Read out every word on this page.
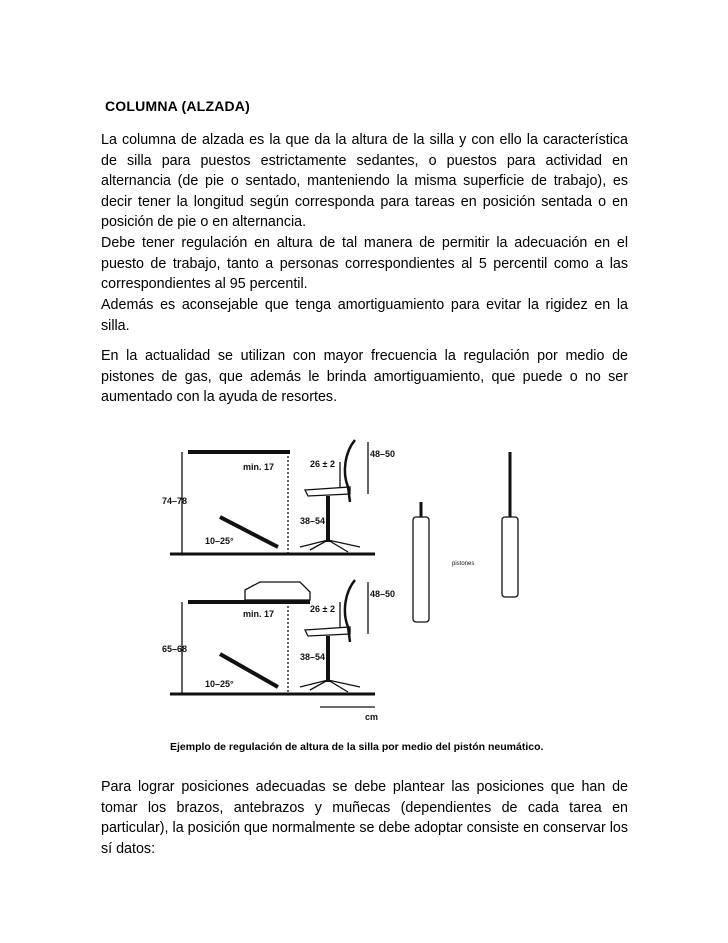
COLUMNA (ALZADA)

La columna de alzada es la que da la altura de la silla y con ello la característica de silla para puestos estrictamente sedantes, o puestos para actividad en alternancia (de pie o sentado, manteniendo la misma superficie de trabajo), es decir tener la longitud según corresponda para tareas en posición sentada o en posición de pie o en alternancia.

Debe tener regulación en altura de tal manera de permitir la adecuación en el puesto de trabajo, tanto a personas correspondientes al 5 percentil como a las correspondientes al 95 percentil.

Además es aconsejable que tenga amortiguamiento para evitar la rigidez en la silla.

En la actualidad se utilizan con mayor frecuencia la regulación por medio de pistones de gas, que además le brinda amortiguamiento, que puede o no ser aumentado con la ayuda de resortes.

min. 17	26 ± 2
48–50
74–78
38–54
10–25°
min. 17	26 ± 2
48–50
65–68
38–54
10–25°
cm
pistones
Ejemplo de regulación de altura de la silla por medio del pistón neumático.

Para lograr posiciones adecuadas se debe plantear las posiciones que han de tomar los brazos, antebrazos y muñecas (dependientes de cada tarea en particular), la posición que normalmente se debe adoptar consiste en conservar los sí datos:
